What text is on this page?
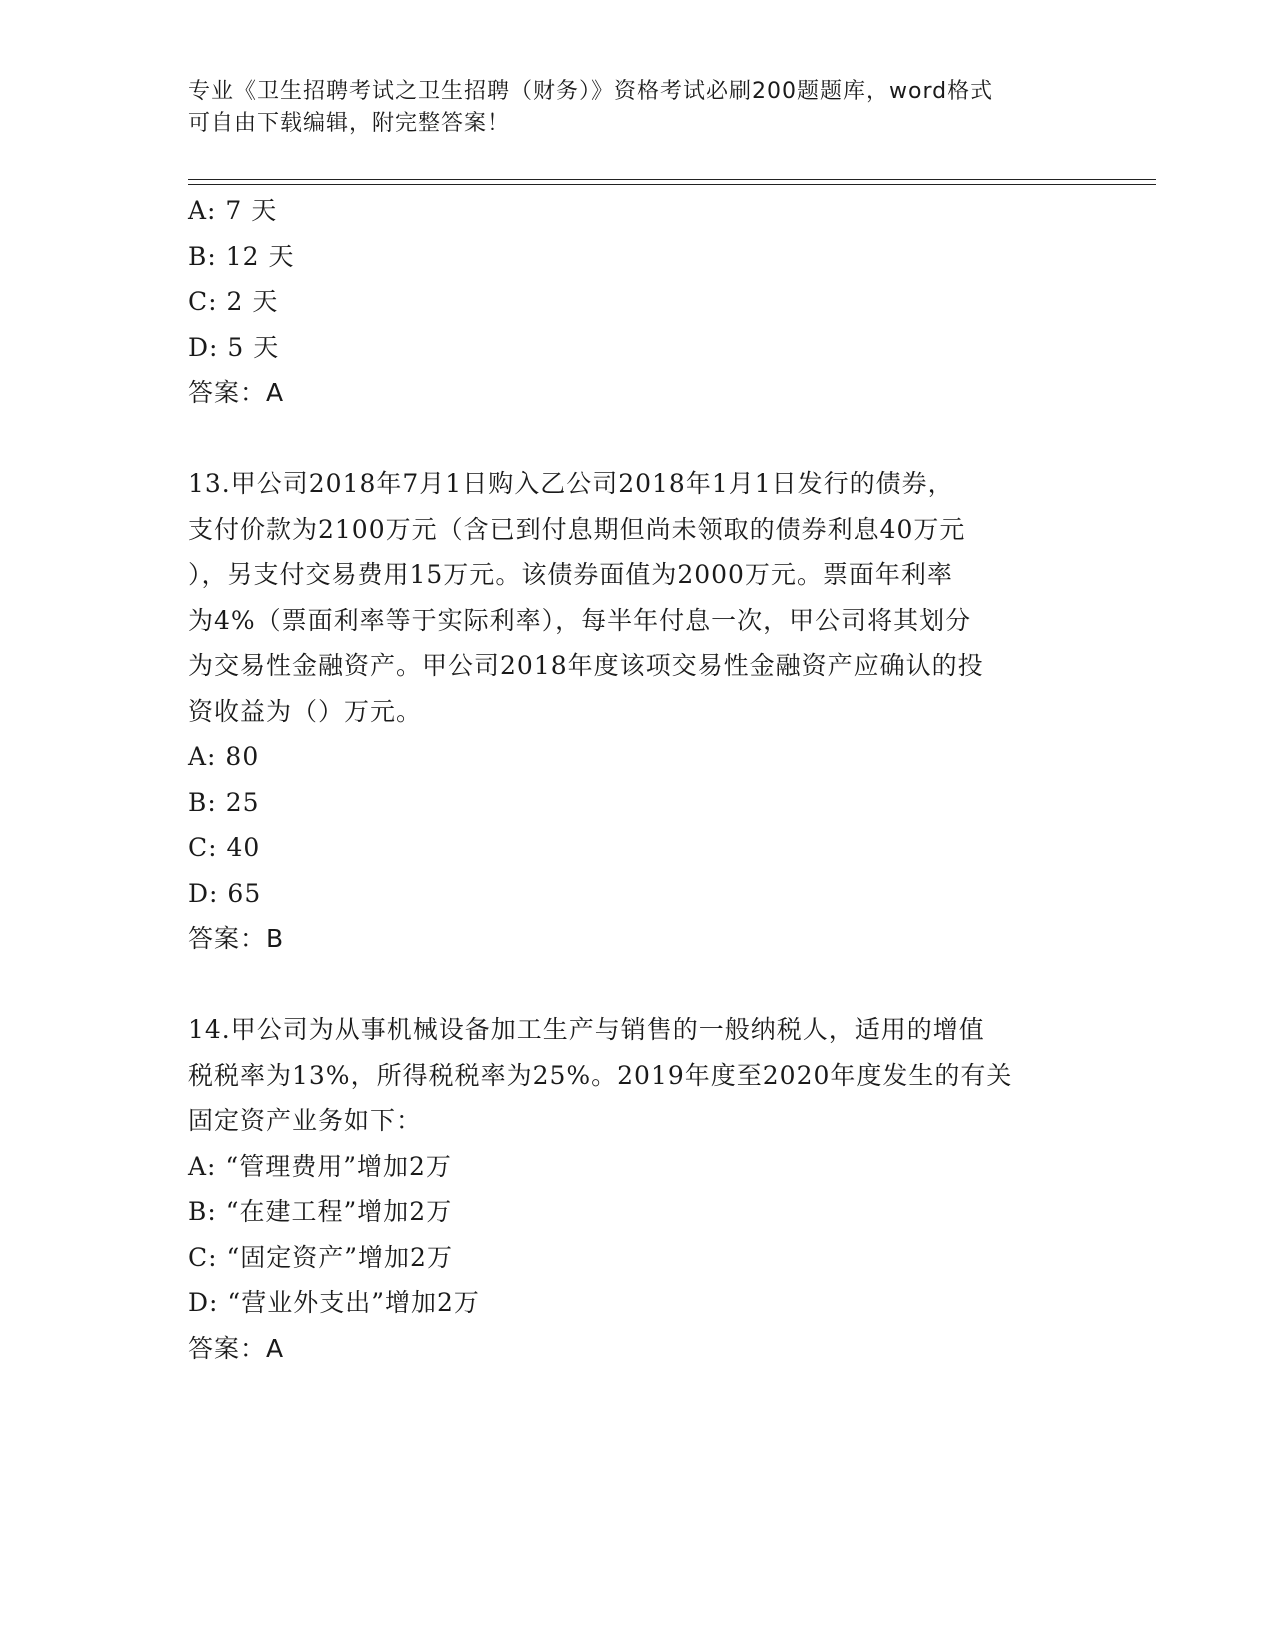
专业《卫生招聘考试之卫生招聘（财务）》资格考试必刷200题题库，word格式
可自由下载编辑，附完整答案！
A: 7 天
B: 12 天
C: 2 天
D: 5 天
答案：A
13.甲公司2018年7月1日购入乙公司2018年1月1日发行的债券，
支付价款为2100万元（含已到付息期但尚未领取的债券利息40万元
），另支付交易费用15万元。该债券面值为2000万元。票面年利率
为4%（票面利率等于实际利率），每半年付息一次，甲公司将其划分
为交易性金融资产。甲公司2018年度该项交易性金融资产应确认的投
资收益为（）万元。
A: 80
B: 25
C: 40
D: 65
答案：B
14.甲公司为从事机械设备加工生产与销售的一般纳税人，适用的增值
税税率为13%，所得税税率为25%。2019年度至2020年度发生的有关
固定资产业务如下：
A: “管理费用”增加2万
B: “在建工程”增加2万
C: “固定资产”增加2万
D: “营业外支出”增加2万
答案：A
